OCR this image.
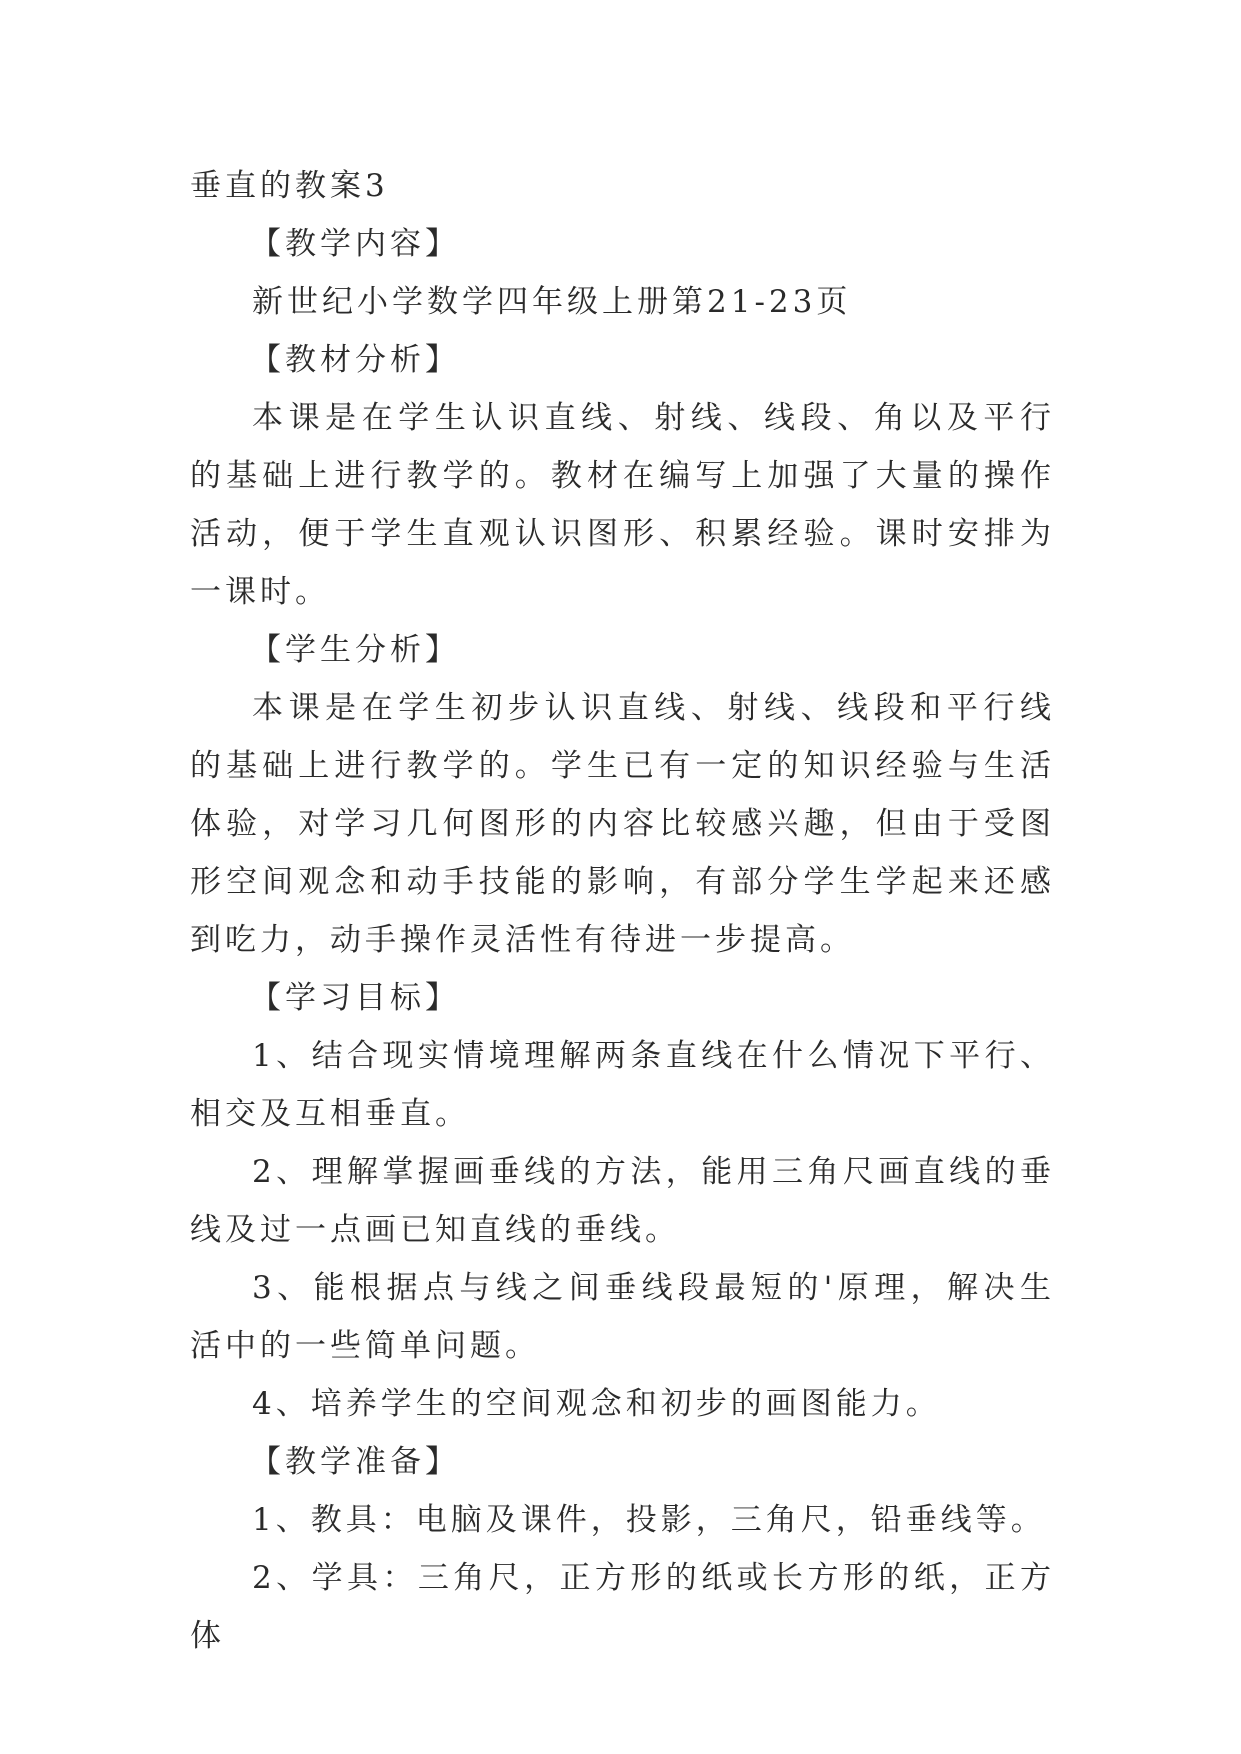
垂直的教案3

【教学内容】

新世纪小学数学四年级上册第21-23页

【教材分析】

本课是在学生认识直线、射线、线段、角以及平行的基础上进行教学的。教材在编写上加强了大量的操作活动，便于学生直观认识图形、积累经验。课时安排为一课时。

【学生分析】

本课是在学生初步认识直线、射线、线段和平行线的基础上进行教学的。学生已有一定的知识经验与生活体验，对学习几何图形的内容比较感兴趣，但由于受图形空间观念和动手技能的影响，有部分学生学起来还感到吃力，动手操作灵活性有待进一步提高。

【学习目标】

1、结合现实情境理解两条直线在什么情况下平行、相交及互相垂直。

2、理解掌握画垂线的方法，能用三角尺画直线的垂线及过一点画已知直线的垂线。

3、能根据点与线之间垂线段最短的'原理，解决生活中的一些简单问题。

4、培养学生的空间观念和初步的画图能力。

【教学准备】

1、教具：电脑及课件，投影，三角尺，铅垂线等。

2、学具：三角尺，正方形的纸或长方形的纸，正方体
